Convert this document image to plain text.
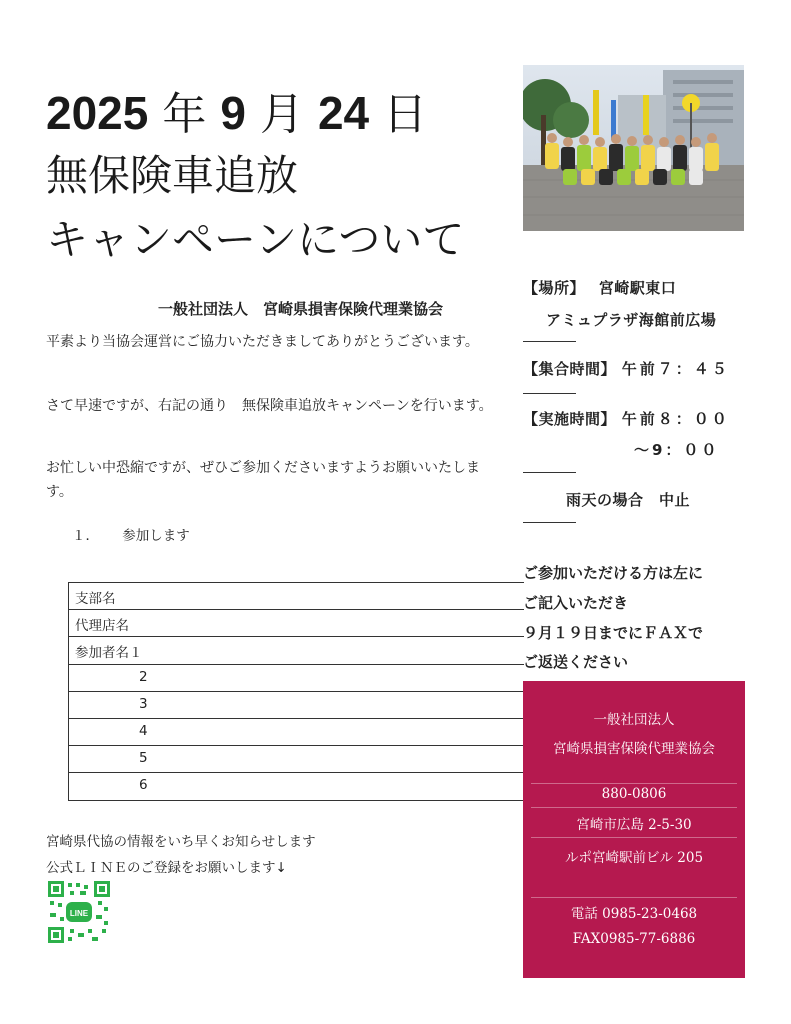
2025 年 9 月 24 日
無保険車追放
キャンペーンについて
一般社団法人　宮崎県損害保険代理業協会
平素より当協会運営にご協力いただきましてありがとうございます。
さて早速ですが、右記の通り　無保険車追放キャンペーンを行います。
お忙しい中恐縮ですが、ぜひご参加くださいますようお願いいたします。
１． 参加します
支部名
代理店名
参加者名１
2
3
4
5
6
【場所】　 宮崎駅東口
アミュプラザ海館前広場
【集合時間】 午前７：４５
【実施時間】 午前８：００
～9：００
雨天の場合　中止
ご参加いただける方は左に
ご記入いただき
９月１９日までにＦＡＸで
ご返送ください
一般社団法人
宮崎県損害保険代理業協会
880-0806
宮崎市広島 2-5-30
ルポ宮崎駅前ビル 205
電話 0985-23-0468
FAX0985-77-6886
宮崎県代協の情報をいち早くお知らせします
公式ＬＩＮＥのご登録をお願いします↓
LINE
